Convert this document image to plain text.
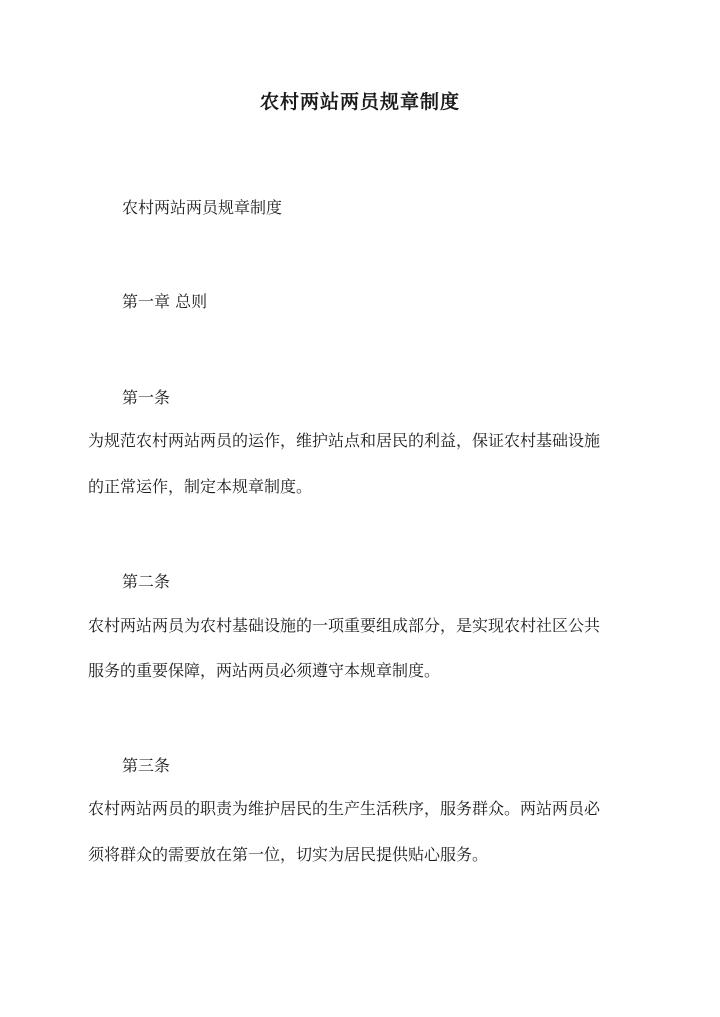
农村两站两员规章制度
农村两站两员规章制度
第一章 总则
第一条
为规范农村两站两员的运作，维护站点和居民的利益，保证农村基础设施
的正常运作，制定本规章制度。
第二条
农村两站两员为农村基础设施的一项重要组成部分，是实现农村社区公共
服务的重要保障，两站两员必须遵守本规章制度。
第三条
农村两站两员的职责为维护居民的生产生活秩序，服务群众。两站两员必
须将群众的需要放在第一位，切实为居民提供贴心服务。
